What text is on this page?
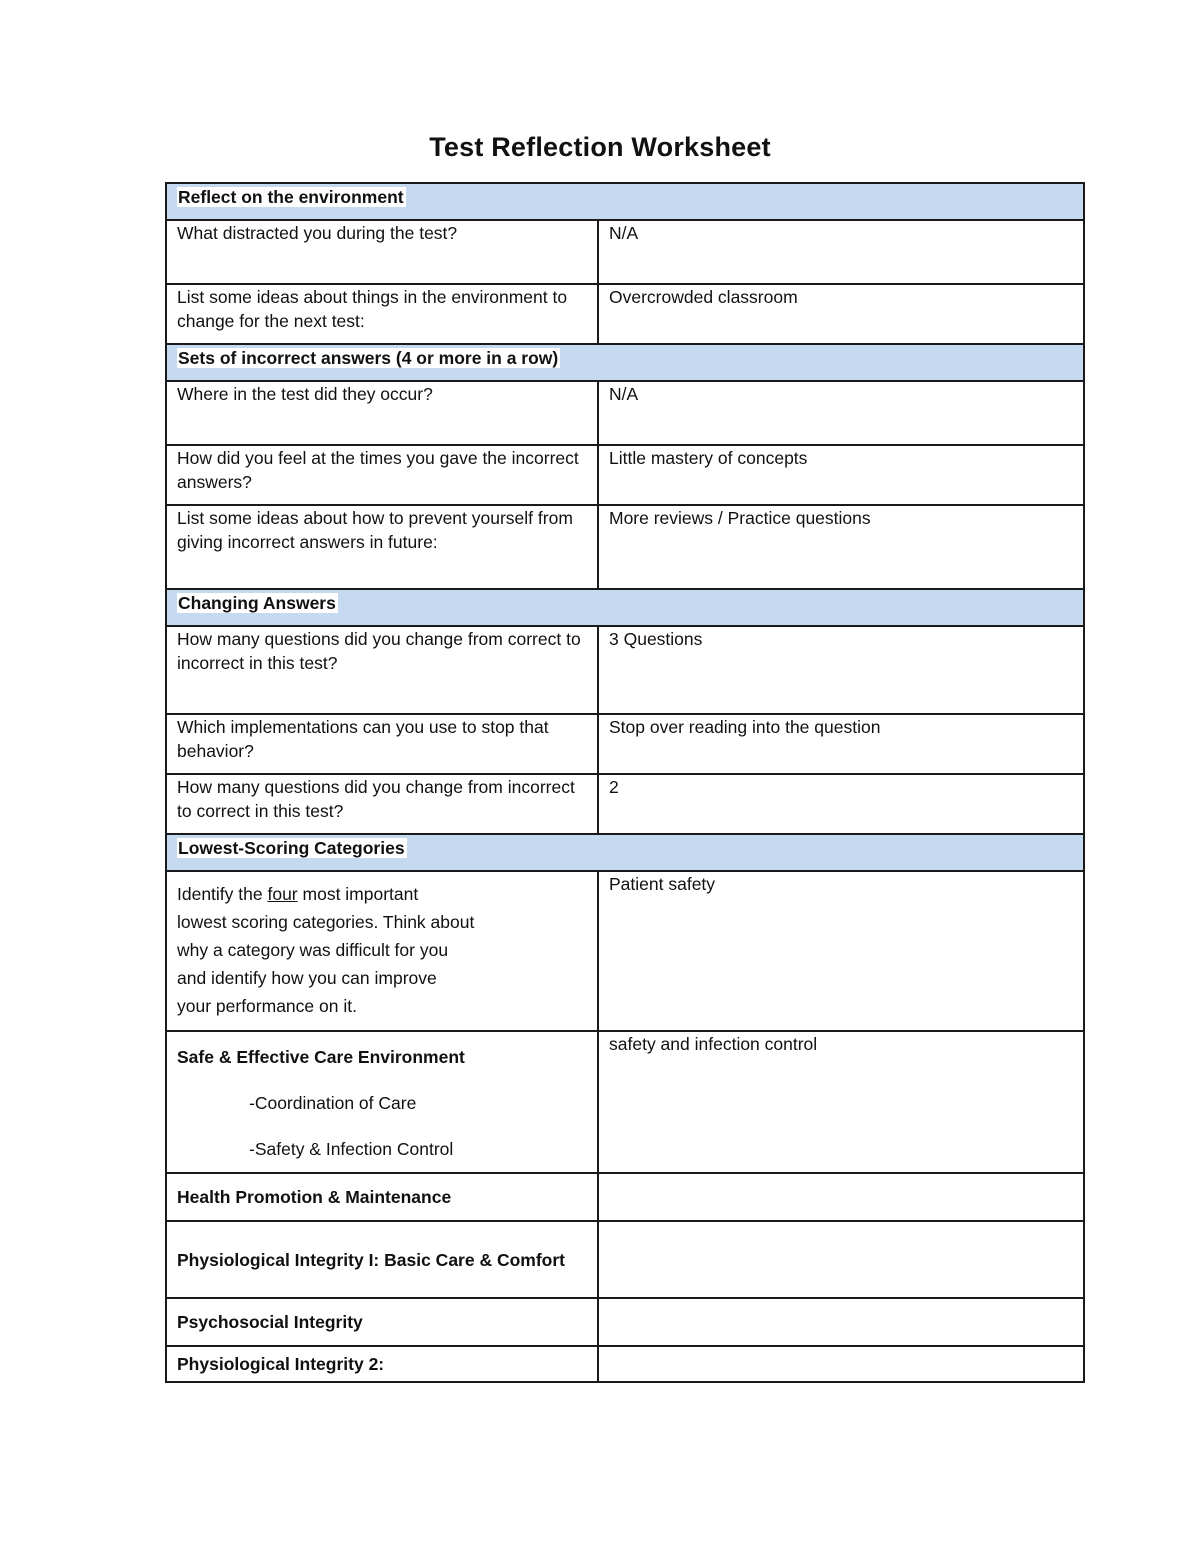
Test Reflection Worksheet
Reflect on the environment	
What distracted you during the test?	N/A
List some ideas about things in the environment to change for the next test:	Overcrowded classroom
Sets of incorrect answers (4 or more in a row)	
Where in the test did they occur?	N/A
How did you feel at the times you gave the incorrect answers?	Little mastery of concepts
List some ideas about how to prevent yourself from giving incorrect answers in future:	More reviews / Practice questions
Changing Answers	
How many questions did you change from correct to incorrect in this test?	3 Questions
Which implementations can you use to stop that behavior?	Stop over reading into the question
How many questions did you change from incorrect to correct in this test?	2
Lowest-Scoring Categories	

Identify the four most important
lowest scoring categories. Think about
why a category was difficult for you
and identify how you can improve
your performance on it.	Patient safety

Safe & Effective Care Environment
-Coordination of Care
-Safety & Infection Control	safety and infection control
Health Promotion & Maintenance	
Physiological Integrity I: Basic Care & Comfort	
Psychosocial Integrity	
Physiological Integrity 2:	
